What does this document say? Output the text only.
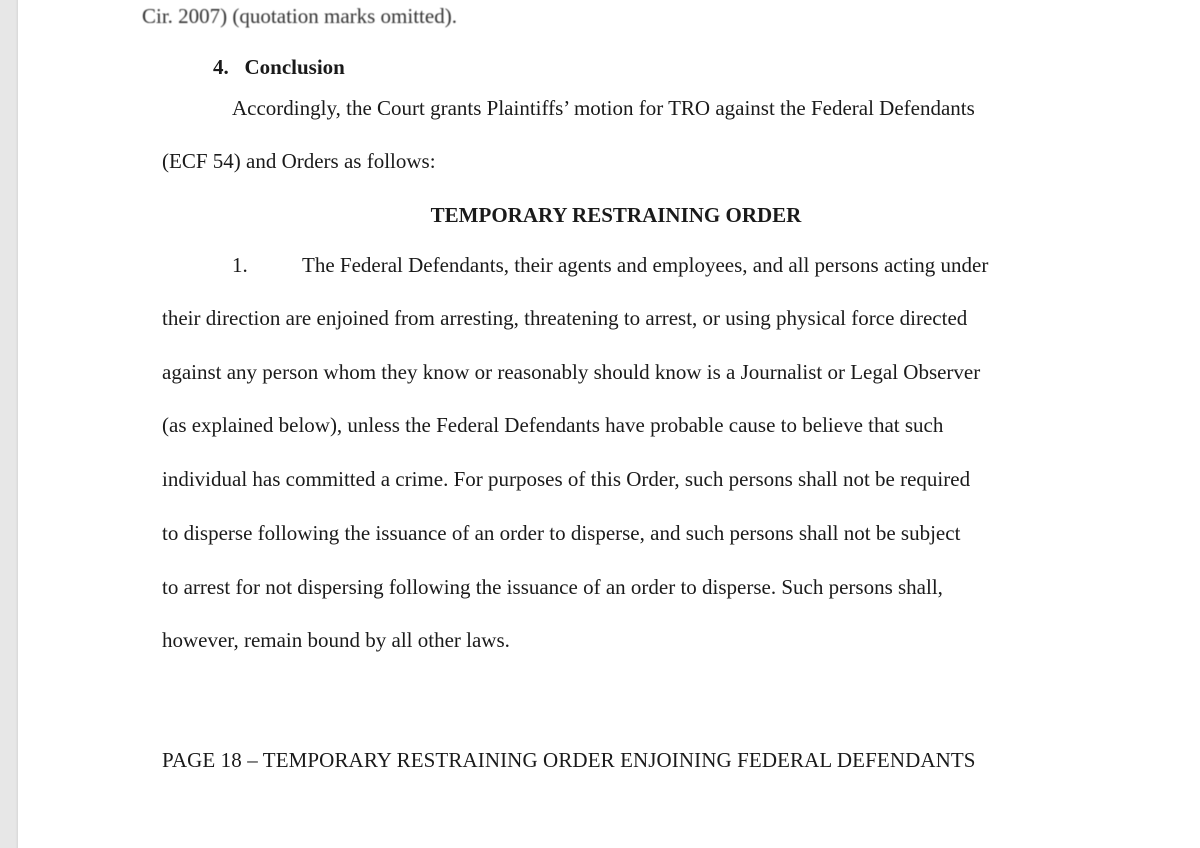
Cir. 2007) (quotation marks omitted).
4.   Conclusion
Accordingly, the Court grants Plaintiffs’ motion for TRO against the Federal Defendants
(ECF 54) and Orders as follows:
TEMPORARY RESTRAINING ORDER
1.	The Federal Defendants, their agents and employees, and all persons acting under
their direction are enjoined from arresting, threatening to arrest, or using physical force directed
against any person whom they know or reasonably should know is a Journalist or Legal Observer
(as explained below), unless the Federal Defendants have probable cause to believe that such
individual has committed a crime. For purposes of this Order, such persons shall not be required
to disperse following the issuance of an order to disperse, and such persons shall not be subject
to arrest for not dispersing following the issuance of an order to disperse. Such persons shall,
however, remain bound by all other laws.
PAGE 18 – TEMPORARY RESTRAINING ORDER ENJOINING FEDERAL DEFENDANTS
